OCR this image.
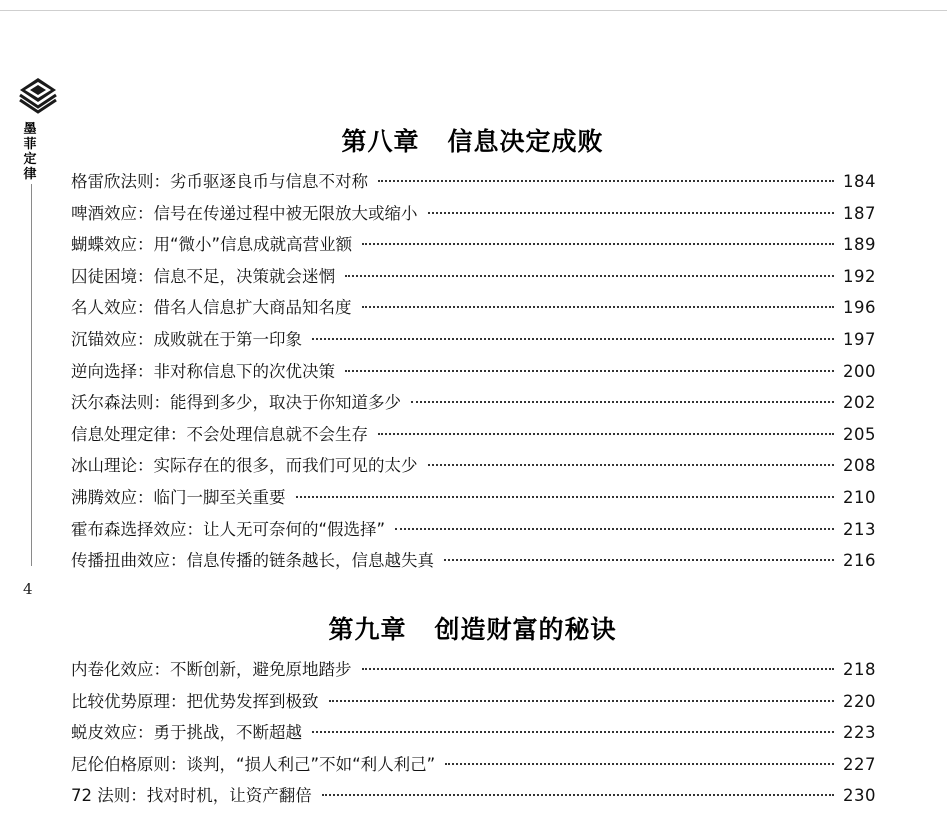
墨菲定律
4
第八章 信息决定成败
格雷欣法则：劣币驱逐良币与信息不对称	184
啤酒效应：信号在传递过程中被无限放大或缩小	187
蝴蝶效应：用“微小”信息成就高营业额	189
囚徒困境：信息不足，决策就会迷惘	192
名人效应：借名人信息扩大商品知名度	196
沉锚效应：成败就在于第一印象	197
逆向选择：非对称信息下的次优决策	200
沃尔森法则：能得到多少，取决于你知道多少	202
信息处理定律：不会处理信息就不会生存	205
冰山理论：实际存在的很多，而我们可见的太少	208
沸腾效应：临门一脚至关重要	210
霍布森选择效应：让人无可奈何的“假选择”	213
传播扭曲效应：信息传播的链条越长，信息越失真	216
第九章 创造财富的秘诀
内卷化效应：不断创新，避免原地踏步	218
比较优势原理：把优势发挥到极致	220
蜕皮效应：勇于挑战，不断超越	223
尼伦伯格原则：谈判，“损人利己”不如“利人利己”	227
72 法则：找对时机，让资产翻倍	230
